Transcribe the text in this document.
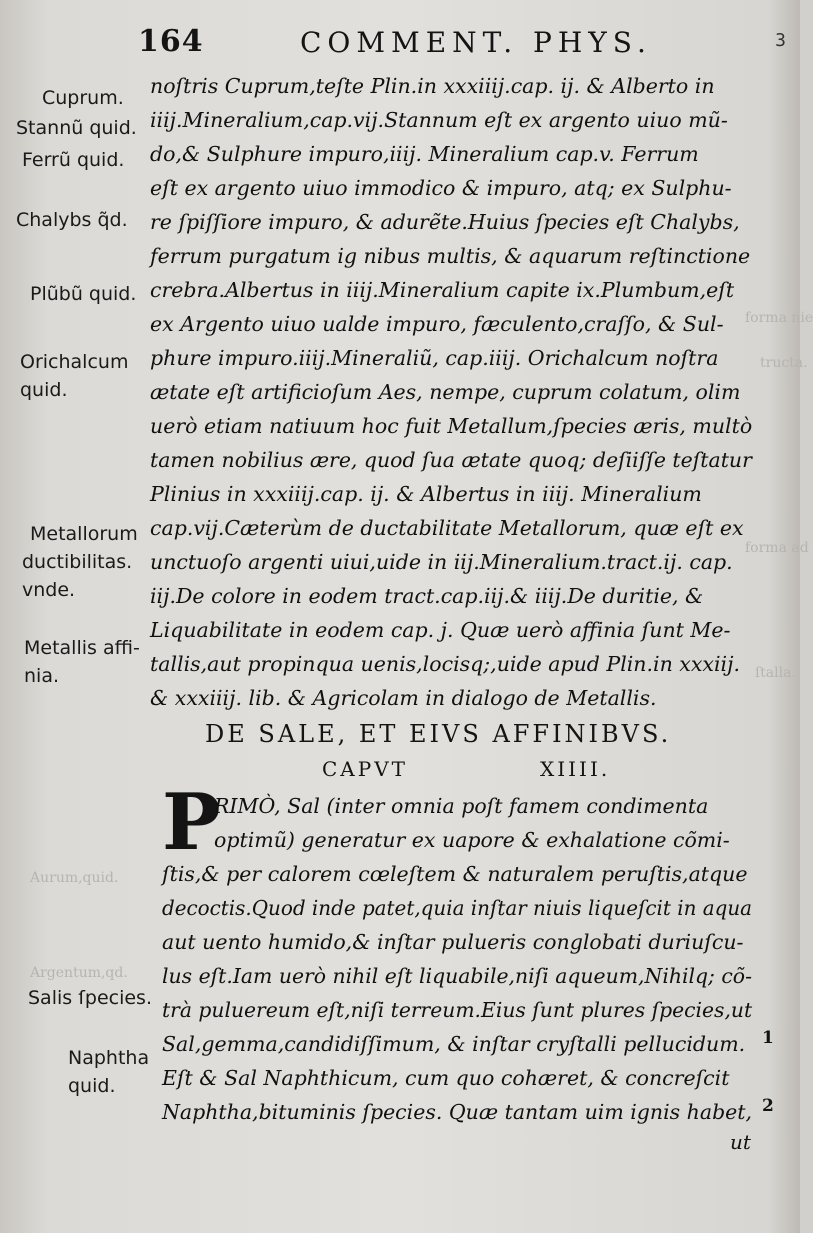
164	COMMENT. PHYS.	3
Aurum,quid.
Argentum,qd.
tructa.
forma nie
forma ad
ſtalla.
Cuprum.
Stannũ quid.
Ferrũ quid.
Chalybs q̃d.
Plũbũ quid.
Orichalcum
quid.
Metallorum
ductibilitas.
vnde.
Metallis affi-
nia.
Salis ſpecies.
Naphtha
quid.
noſtris Cuprum,teſte Plin.in xxxiiij.cap. ij. & Alberto in
iiij.Mineralium,cap.vij.Stannum eſt ex argento uiuo mũ-
do,& Sulphure impuro,iiij. Mineralium cap.v. Ferrum
eſt ex argento uiuo immodico & impuro, atq; ex Sulphu-
re ſpiſſiore impuro, & adurẽte.Huius ſpecies eſt Chalybs,
ferrum purgatum ig nibus multis, & aquarum reſtinctione
crebra.Albertus in iiij.Mineralium capite ix.Plumbum,eſt
ex Argento uiuo ualde impuro, fæculento,craſſo, & Sul-
phure impuro.iiij.Mineraliũ, cap.iiij. Orichalcum noſtra
ætate eſt artificioſum Aes, nempe, cuprum colatum, olim
uerò etiam natiuum hoc fuit Metallum,ſpecies æris, multò
tamen nobilius ære, quod ſua ætate quoq; deſiiſſe teſtatur
Plinius in xxxiiij.cap. ij. & Albertus in iiij. Mineralium
cap.vij.Cæterùm de ductabilitate Metallorum, quæ eſt ex
unctuoſo argenti uiui,uide in iij.Mineralium.tract.ij. cap.
iij.De colore in eodem tract.cap.iij.& iiij.De duritie, &
Liquabilitate in eodem cap. j. Quæ uerò affinia ſunt Me-
tallis,aut propinqua uenis,locisq;,uide apud Plin.in xxxiij.
& xxxiiij. lib. & Agricolam in dialogo de Metallis.
DE SALE, ET EIVS AFFINIBVS.
CAPVT	XIIII.
P
RIMÒ, Sal (inter omnia poſt famem condimenta
optimũ) generatur ex uapore & exhalatione cõmi-
ſtis,& per calorem cœleſtem & naturalem peruſtis,atque
decoctis.Quod inde patet,quia inſtar niuis liqueſcit in aqua
aut uento humido,& inſtar pulueris conglobati duriuſcu-
lus eſt.Iam uerò nihil eſt liquabile,niſi aqueum,Nihilq; cõ-
trà puluereum eſt,niſi terreum.Eius ſunt plures ſpecies,ut
Sal,gemma,candidiſſimum, & inſtar cryſtalli pellucidum.
Eſt & Sal Naphthicum, cum quo cohæret, & concreſcit
Naphtha,bituminis ſpecies. Quæ tantam uim ignis habet,
1
2
ut
